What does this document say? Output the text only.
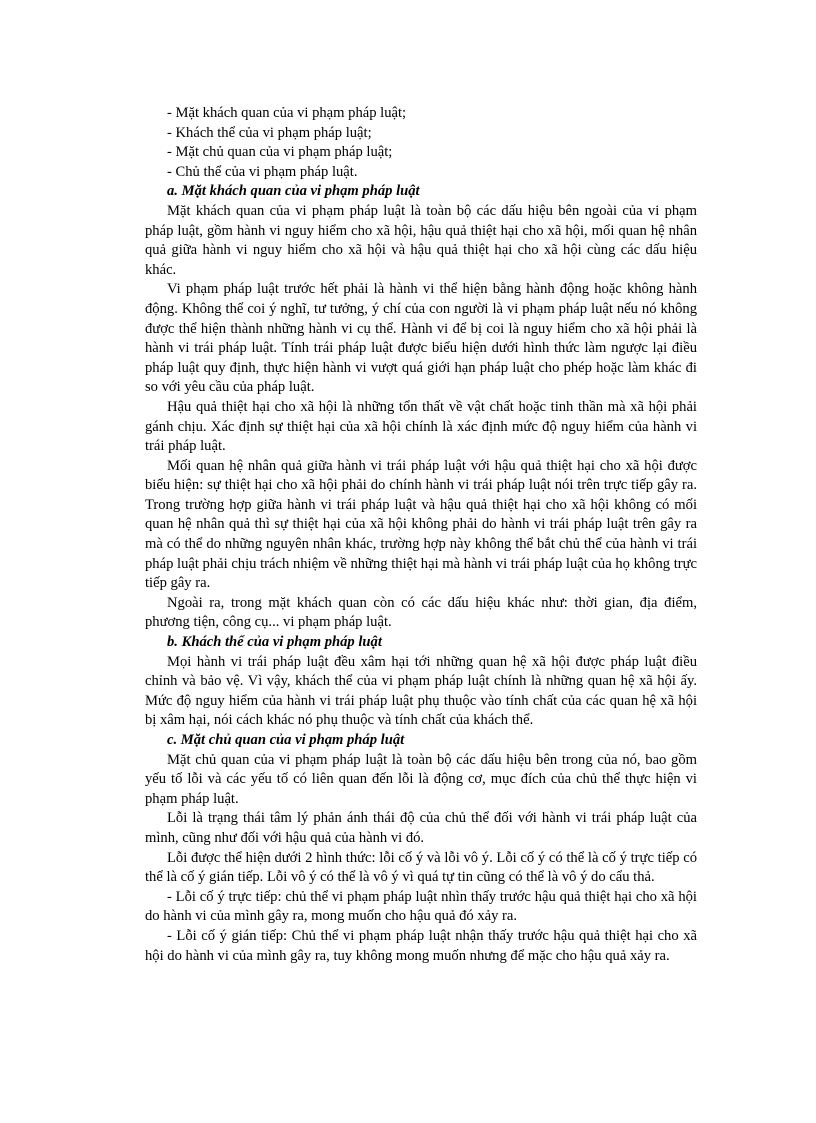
- Mặt khách quan của vi phạm pháp luật;

- Khách thể của vi phạm pháp luật;

- Mặt chủ quan của vi phạm pháp luật;

- Chủ thể của vi phạm pháp luật.

a. Mặt khách quan của vi phạm pháp luật

Mặt khách quan của vi phạm pháp luật là toàn bộ các dấu hiệu bên ngoài của vi phạm pháp luật, gồm hành vi nguy hiểm cho xã hội, hậu quả thiệt hại cho xã hội, mối quan hệ nhân quả giữa hành vi nguy hiểm cho xã hội và hậu quả thiệt hại cho xã hội cùng các dấu hiệu khác.

Vi phạm pháp luật trước hết phải là hành vi thể hiện bằng hành động hoặc không hành động. Không thể coi ý nghĩ, tư tưởng, ý chí của con người là vi phạm pháp luật nếu nó không được thể hiện thành những hành vi cụ thể. Hành vi để bị coi là nguy hiểm cho xã hội phải là hành vi trái pháp luật. Tính trái pháp luật được biểu hiện dưới hình thức làm ngược lại điều pháp luật quy định, thực hiện hành vi vượt quá giới hạn pháp luật cho phép hoặc làm khác đi so với yêu cầu của pháp luật.

Hậu quả thiệt hại cho xã hội là những tổn thất về vật chất hoặc tinh thần mà xã hội phải gánh chịu. Xác định sự thiệt hại của xã hội chính là xác định mức độ nguy hiểm của hành vi trái pháp luật.

Mối quan hệ nhân quả giữa hành vi trái pháp luật với hậu quả thiệt hại cho xã hội được biểu hiện: sự thiệt hại cho xã hội phải do chính hành vi trái pháp luật nói trên trực tiếp gây ra. Trong trường hợp giữa hành vi trái pháp luật và hậu quả thiệt hại cho xã hội không có mối quan hệ nhân quả thì sự thiệt hại của xã hội không phải do hành vi trái pháp luật trên gây ra mà có thể do những nguyên nhân khác, trường hợp này không thể bắt chủ thể của hành vi trái pháp luật phải chịu trách nhiệm về những thiệt hại mà hành vi trái pháp luật của họ không trực tiếp gây ra.

Ngoài ra, trong mặt khách quan còn có các dấu hiệu khác như: thời gian, địa điểm, phương tiện, công cụ... vi phạm pháp luật.

b. Khách thể của vi phạm pháp luật

Mọi hành vi trái pháp luật đều xâm hại tới những quan hệ xã hội được pháp luật điều chỉnh và bảo vệ. Vì vậy, khách thể của vi phạm pháp luật chính là những quan hệ xã hội ấy. Mức độ nguy hiểm của hành vi trái pháp luật phụ thuộc vào tính chất của các quan hệ xã hội bị xâm hại, nói cách khác nó phụ thuộc và tính chất của khách thể.

c. Mặt chủ quan của vi phạm pháp luật

Mặt chủ quan của vi phạm pháp luật là toàn bộ các dấu hiệu bên trong của nó, bao gồm yếu tố lỗi và các yếu tố có liên quan đến lỗi là động cơ, mục đích của chủ thể thực hiện vi phạm pháp luật.

Lỗi là trạng thái tâm lý phản ánh thái độ của chủ thể đối với hành vi trái pháp luật của mình, cũng như đối với hậu quả của hành vi đó.

Lỗi được thể hiện dưới 2 hình thức: lỗi cố ý và lỗi vô ý. Lỗi cố ý có thể là cố ý trực tiếp có thể là cố ý gián tiếp. Lỗi vô ý có thể là vô ý vì quá tự tin cũng có thể là vô ý do cẩu thả.

- Lỗi cố ý trực tiếp: chủ thể vi phạm pháp luật nhìn thấy trước hậu quả thiệt hại cho xã hội do hành vi của mình gây ra, mong muốn cho hậu quả đó xảy ra.

- Lỗi cố ý gián tiếp: Chủ thể vi phạm pháp luật nhận thấy trước hậu quả thiệt hại cho xã hội do hành vi của mình gây ra, tuy không mong muốn nhưng để mặc cho hậu quả xảy ra.
